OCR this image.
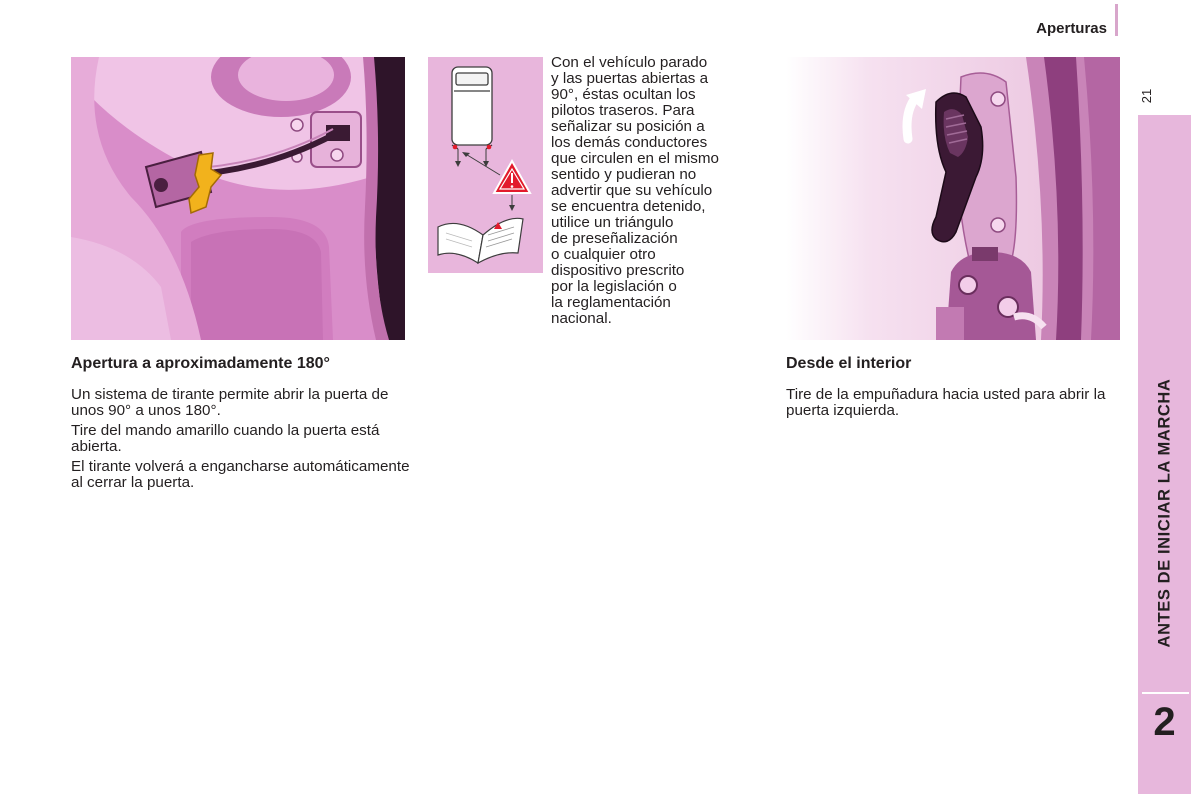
Aperturas
21
ANTES DE INICIAR LA MARCHA
2
Apertura a aproximadamente 180°

Un sistema de tirante permite abrir la puerta de unos 90° a unos 180°.

Tire del mando amarillo cuando la puerta está abierta.

El tirante volverá a engancharse automáticamente al cerrar la puerta.

Con el vehículo parado
y las puertas abiertas a
90°, éstas ocultan los
pilotos traseros. Para
señalizar su posición a
los demás conductores
que circulen en el mismo
sentido y pudieran no
advertir que su vehículo
se encuentra detenido,
utilice un triángulo
de preseñalización
o cualquier otro
dispositivo prescrito
por la legislación o
la reglamentación
nacional.
Desde el interior

Tire de la empuñadura hacia usted para abrir la puerta izquierda.
